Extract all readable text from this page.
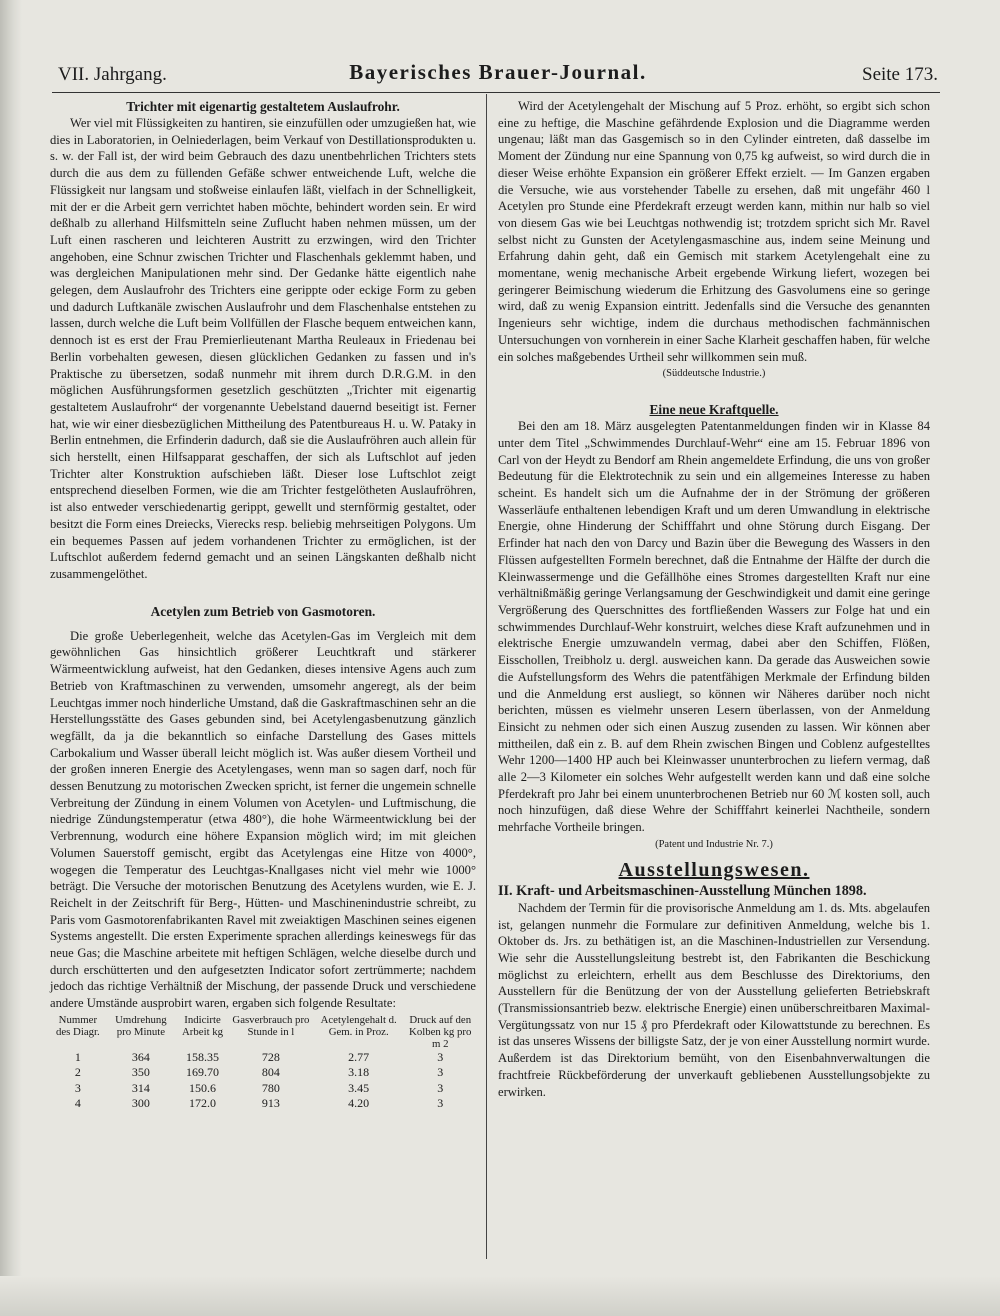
VII. Jahrgang.	Bayerisches Brauer-Journal.	Seite 173.
Trichter mit eigenartig gestaltetem Auslaufrohr.

Wer viel mit Flüssigkeiten zu hantiren, sie einzufüllen oder umzugießen hat, wie dies in Laboratorien, in Oelniederlagen, beim Verkauf von Destillationsprodukten u. s. w. der Fall ist, der wird beim Gebrauch des dazu unentbehrlichen Trichters stets durch die aus dem zu füllenden Gefäße schwer entweichende Luft, welche die Flüssigkeit nur langsam und stoßweise einlaufen läßt, vielfach in der Schnelligkeit, mit der er die Arbeit gern verrichtet haben möchte, behindert worden sein. Er wird deßhalb zu allerhand Hilfsmitteln seine Zuflucht haben nehmen müssen, um der Luft einen rascheren und leichteren Austritt zu erzwingen, wird den Trichter angehoben, eine Schnur zwischen Trichter und Flaschenhals geklemmt haben, und was dergleichen Manipulationen mehr sind. Der Gedanke hätte eigentlich nahe gelegen, dem Auslaufrohr des Trichters eine gerippte oder eckige Form zu geben und dadurch Luftkanäle zwischen Auslaufrohr und dem Flaschenhalse entstehen zu lassen, durch welche die Luft beim Vollfüllen der Flasche bequem entweichen kann, dennoch ist es erst der Frau Premierlieutenant Martha Reuleaux in Friedenau bei Berlin vorbehalten gewesen, diesen glücklichen Gedanken zu fassen und in's Praktische zu übersetzen, sodaß nunmehr mit ihrem durch D.R.G.M. in den möglichen Ausführungsformen gesetzlich geschützten „Trichter mit eigenartig gestaltetem Auslaufrohr“ der vorgenannte Uebelstand dauernd beseitigt ist. Ferner hat, wie wir einer diesbezüglichen Mittheilung des Patentbureaus H. u. W. Pataky in Berlin entnehmen, die Erfinderin dadurch, daß sie die Auslaufröhren auch allein für sich herstellt, einen Hilfsapparat geschaffen, der sich als Luftschlot auf jeden Trichter alter Konstruktion aufschieben läßt. Dieser lose Luftschlot zeigt entsprechend dieselben Formen, wie die am Trichter festgelötheten Auslaufröhren, ist also entweder verschiedenartig gerippt, gewellt und sternförmig gestaltet, oder besitzt die Form eines Dreiecks, Vierecks resp. beliebig mehrseitigen Polygons. Um ein bequemes Passen auf jedem vorhandenen Trichter zu ermöglichen, ist der Luftschlot außerdem federnd gemacht und an seinen Längskanten deßhalb nicht zusammengelöthet.

Acetylen zum Betrieb von Gasmotoren.

Die große Ueberlegenheit, welche das Acetylen-Gas im Vergleich mit dem gewöhnlichen Gas hinsichtlich größerer Leuchtkraft und stärkerer Wärmeentwicklung aufweist, hat den Gedanken, dieses intensive Agens auch zum Betrieb von Kraftmaschinen zu verwenden, umsomehr angeregt, als der beim Leuchtgas immer noch hinderliche Umstand, daß die Gaskraftmaschinen sehr an die Herstellungsstätte des Gases gebunden sind, bei Acetylengasbenutzung gänzlich wegfällt, da ja die bekanntlich so einfache Darstellung des Gases mittels Carbokalium und Wasser überall leicht möglich ist. Was außer diesem Vortheil und der großen inneren Energie des Acetylengases, wenn man so sagen darf, noch für dessen Benutzung zu motorischen Zwecken spricht, ist ferner die ungemein schnelle Verbreitung der Zündung in einem Volumen von Acetylen- und Luftmischung, die niedrige Zündungstemperatur (etwa 480°), die hohe Wärmeentwicklung bei der Verbrennung, wodurch eine höhere Expansion möglich wird; im mit gleichen Volumen Sauerstoff gemischt, ergibt das Acetylengas eine Hitze von 4000°, wogegen die Temperatur des Leuchtgas-Knallgases nicht viel mehr wie 1000° beträgt. Die Versuche der motorischen Benutzung des Acetylens wurden, wie E. J. Reichelt in der Zeitschrift für Berg-, Hütten- und Maschinenindustrie schreibt, zu Paris vom Gasmotorenfabrikanten Ravel mit zweiaktigen Maschinen seines eigenen Systems angestellt. Die ersten Experimente sprachen allerdings keineswegs für das neue Gas; die Maschine arbeitete mit heftigen Schlägen, welche dieselbe durch und durch erschütterten und den aufgesetzten Indicator sofort zertrümmerte; nachdem jedoch das richtige Verhältniß der Mischung, der passende Druck und verschiedene andere Umstände ausprobirt waren, ergaben sich folgende Resultate:

Nummer des Diagr.	Umdrehung pro Minute	Indicirte Arbeit kg	Gasverbrauch pro Stunde in l	Acetylengehalt d. Gem. in Proz.	Druck auf den Kolben kg pro m 2
1	364	158.35	728	2.77	3
2	350	169.70	804	3.18	3
3	314	150.6	780	3.45	3
4	300	172.0	913	4.20	3

Wird der Acetylengehalt der Mischung auf 5 Proz. erhöht, so ergibt sich schon eine zu heftige, die Maschine gefährdende Explosion und die Diagramme werden ungenau; läßt man das Gasgemisch so in den Cylinder eintreten, daß dasselbe im Moment der Zündung nur eine Spannung von 0,75 kg aufweist, so wird durch die in dieser Weise erhöhte Expansion ein größerer Effekt erzielt. — Im Ganzen ergaben die Versuche, wie aus vorstehender Tabelle zu ersehen, daß mit ungefähr 460 l Acetylen pro Stunde eine Pferdekraft erzeugt werden kann, mithin nur halb so viel von diesem Gas wie bei Leuchtgas nothwendig ist; trotzdem spricht sich Mr. Ravel selbst nicht zu Gunsten der Acetylengasmaschine aus, indem seine Meinung und Erfahrung dahin geht, daß ein Gemisch mit starkem Acetylengehalt eine zu momentane, wenig mechanische Arbeit ergebende Wirkung liefert, wozegen bei geringerer Beimischung wiederum die Erhitzung des Gasvolumens eine so geringe wird, daß zu wenig Expansion eintritt. Jedenfalls sind die Versuche des genannten Ingenieurs sehr wichtige, indem die durchaus methodischen fachmännischen Untersuchungen von vornherein in einer Sache Klarheit geschaffen haben, für welche ein solches maßgebendes Urtheil sehr willkommen sein muß.

(Süddeutsche Industrie.)

Eine neue Kraftquelle.

Bei den am 18. März ausgelegten Patentanmeldungen finden wir in Klasse 84 unter dem Titel „Schwimmendes Durchlauf-Wehr“ eine am 15. Februar 1896 von Carl von der Heydt zu Bendorf am Rhein angemeldete Erfindung, die uns von großer Bedeutung für die Elektrotechnik zu sein und ein allgemeines Interesse zu haben scheint. Es handelt sich um die Aufnahme der in der Strömung der größeren Wasserläufe enthaltenen lebendigen Kraft und um deren Umwandlung in elektrische Energie, ohne Hinderung der Schifffahrt und ohne Störung durch Eisgang. Der Erfinder hat nach den von Darcy und Bazin über die Bewegung des Wassers in den Flüssen aufgestellten Formeln berechnet, daß die Entnahme der Hälfte der durch die Kleinwassermenge und die Gefällhöhe eines Stromes dargestellten Kraft nur eine verhältnißmäßig geringe Verlangsamung der Geschwindigkeit und damit eine geringe Vergrößerung des Querschnittes des fortfließenden Wassers zur Folge hat und ein schwimmendes Durchlauf-Wehr konstruirt, welches diese Kraft aufzunehmen und in elektrische Energie umzuwandeln vermag, dabei aber den Schiffen, Flößen, Eisschollen, Treibholz u. dergl. ausweichen kann. Da gerade das Ausweichen sowie die Aufstellungsform des Wehrs die patentfähigen Merkmale der Erfindung bilden und die Anmeldung erst ausliegt, so können wir Näheres darüber noch nicht berichten, müssen es vielmehr unseren Lesern überlassen, von der Anmeldung Einsicht zu nehmen oder sich einen Auszug zusenden zu lassen. Wir können aber mittheilen, daß ein z. B. auf dem Rhein zwischen Bingen und Coblenz aufgestelltes Wehr 1200—1400 HP auch bei Kleinwasser ununterbrochen zu liefern vermag, daß alle 2—3 Kilometer ein solches Wehr aufgestellt werden kann und daß eine solche Pferdekraft pro Jahr bei einem ununterbrochenen Betrieb nur 60 ℳ kosten soll, auch noch hinzufügen, daß diese Wehre der Schifffahrt keinerlei Nachtheile, sondern mehrfache Vortheile bringen.

(Patent und Industrie Nr. 7.)

Ausstellungswesen.
II. Kraft- und Arbeitsmaschinen-Ausstellung München 1898.

Nachdem der Termin für die provisorische Anmeldung am 1. ds. Mts. abgelaufen ist, gelangen nunmehr die Formulare zur definitiven Anmeldung, welche bis 1. Oktober ds. Jrs. zu bethätigen ist, an die Maschinen-Industriellen zur Versendung. Wie sehr die Ausstellungsleitung bestrebt ist, den Fabrikanten die Beschickung möglichst zu erleichtern, erhellt aus dem Beschlusse des Direktoriums, den Ausstellern für die Benützung der von der Ausstellung gelieferten Betriebskraft (Transmissionsantrieb bezw. elektrische Energie) einen unüberschreitbaren Maximal-Vergütungssatz von nur 15 ₰ pro Pferdekraft oder Kilowattstunde zu berechnen. Es ist das unseres Wissens der billigste Satz, der je von einer Ausstellung normirt wurde. Außerdem ist das Direktorium bemüht, von den Eisenbahnverwaltungen die frachtfreie Rückbeförderung der unverkauft gebliebenen Ausstellungsobjekte zu erwirken.
